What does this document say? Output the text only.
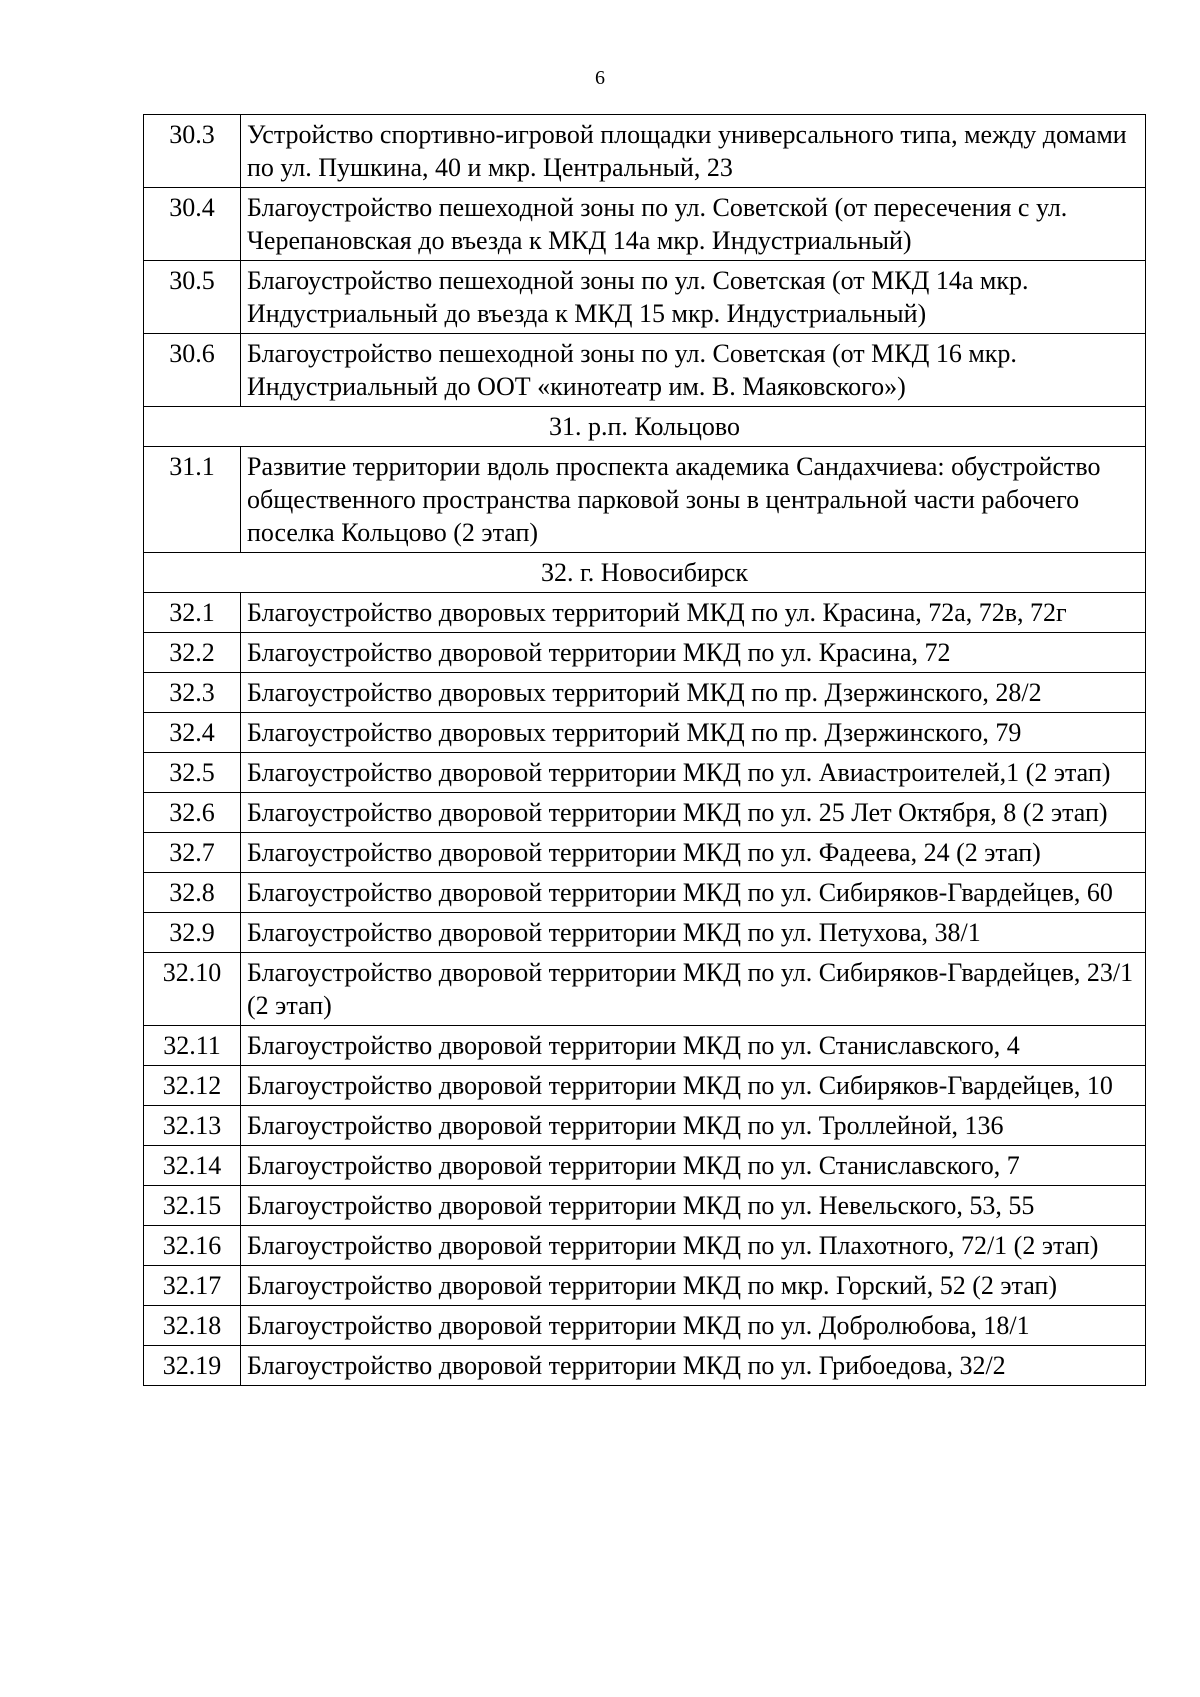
6
30.3	Устройство спортивно-игровой площадки универсального типа, между домами по ул. Пушкина, 40 и мкр. Центральный, 23
30.4	Благоустройство пешеходной зоны по ул. Советской (от пересечения с ул. Черепановская до въезда к МКД 14а мкр. Индустриальный)
30.5	Благоустройство пешеходной зоны по ул. Советская (от МКД 14а мкр. Индустриальный до въезда к МКД 15 мкр. Индустриальный)
30.6	Благоустройство пешеходной зоны по ул. Советская (от МКД 16 мкр. Индустриальный до ООТ «кинотеатр им. В. Маяковского»)
31. р.п. Кольцово	
31.1	Развитие территории вдоль проспекта академика Сандахчиева: обустройство общественного пространства парковой зоны в центральной части рабочего поселка Кольцово (2 этап)
32. г. Новосибирск	
32.1	Благоустройство дворовых территорий МКД по ул. Красина, 72а, 72в, 72г
32.2	Благоустройство дворовой территории МКД по ул. Красина, 72
32.3	Благоустройство дворовых территорий МКД по пр. Дзержинского, 28/2
32.4	Благоустройство дворовых территорий МКД по пр. Дзержинского, 79
32.5	Благоустройство дворовой территории МКД по ул. Авиастроителей,1 (2 этап)
32.6	Благоустройство дворовой территории МКД по ул. 25 Лет Октября, 8 (2 этап)
32.7	Благоустройство дворовой территории МКД по ул. Фадеева, 24 (2 этап)
32.8	Благоустройство дворовой территории МКД по ул. Сибиряков-Гвардейцев, 60
32.9	Благоустройство дворовой территории МКД по ул. Петухова, 38/1
32.10	Благоустройство дворовой территории МКД по ул. Сибиряков-Гвардейцев, 23/1 (2 этап)
32.11	Благоустройство дворовой территории МКД по ул. Станиславского, 4
32.12	Благоустройство дворовой территории МКД по ул. Сибиряков-Гвардейцев, 10
32.13	Благоустройство дворовой территории МКД по ул. Троллейной, 136
32.14	Благоустройство дворовой территории МКД по ул. Станиславского, 7
32.15	Благоустройство дворовой территории МКД по ул. Невельского, 53, 55
32.16	Благоустройство дворовой территории МКД по ул. Плахотного, 72/1 (2 этап)
32.17	Благоустройство дворовой территории МКД по мкр. Горский, 52 (2 этап)
32.18	Благоустройство дворовой территории МКД по ул. Добролюбова, 18/1
32.19	Благоустройство дворовой территории МКД по ул. Грибоедова, 32/2
